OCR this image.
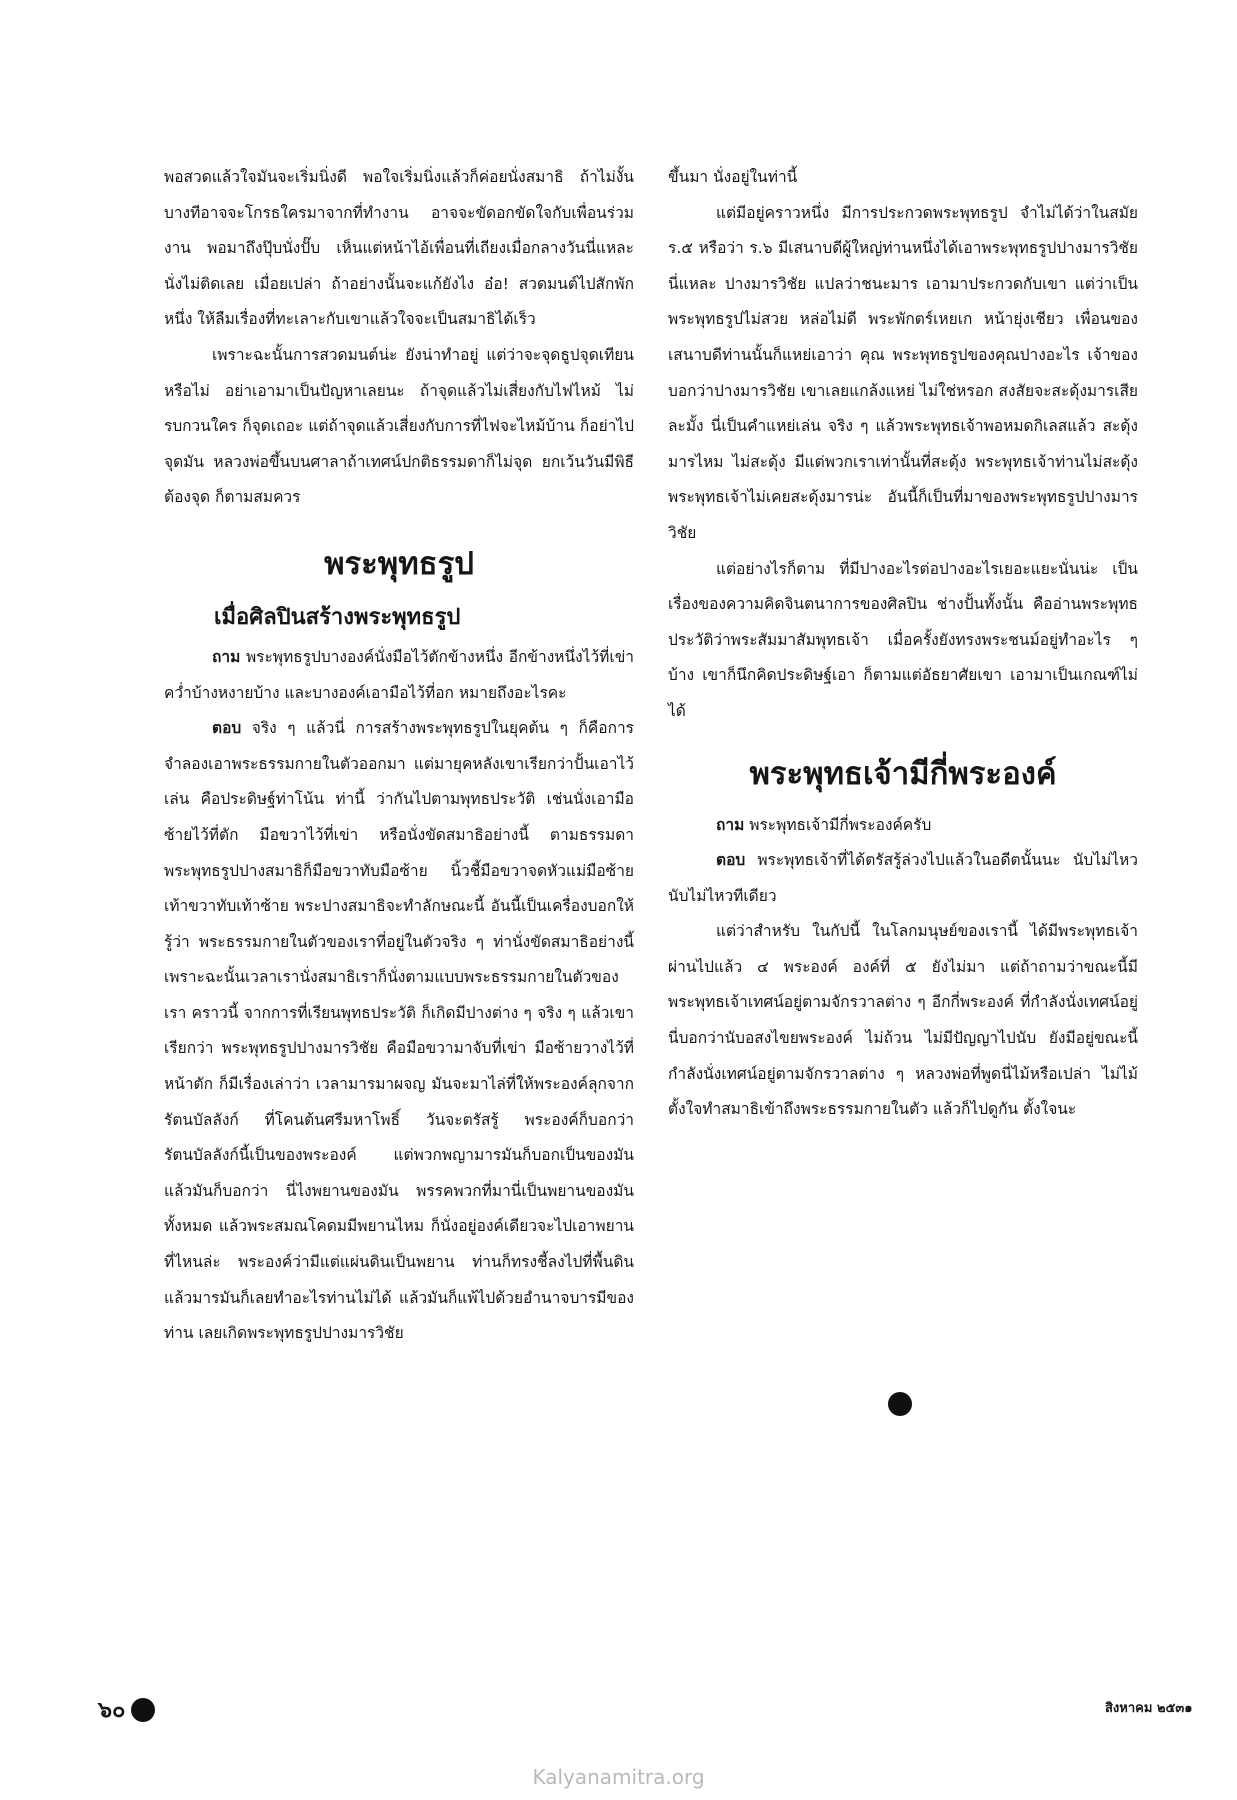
พอสวดแล้วใจมันจะเริ่มนิ่งดี พอใจเริ่มนิ่งแล้วก็ค่อยนั่งสมาธิ ถ้าไม่งั้นบางทีอาจจะโกรธใครมาจากที่ทำงาน อาจจะขัดอกขัดใจกับเพื่อนร่วมงาน พอมาถึงปุ๊บนั่งปั๊บ เห็นแต่หน้าไอ้เพื่อนที่เถียงเมื่อกลางวันนี่แหละ นั่งไม่ติดเลย เมื่อยเปล่า ถ้าอย่างนั้นจะแก้ยังไง อ๋อ! สวดมนต์ไปสักพักหนึ่ง ให้ลืมเรื่องที่ทะเลาะกับเขาแล้วใจจะเป็นสมาธิได้เร็ว

เพราะฉะนั้นการสวดมนต์น่ะ ยังน่าทำอยู่ แต่ว่าจะจุดธูปจุดเทียนหรือไม่ อย่าเอามาเป็นปัญหาเลยนะ ถ้าจุดแล้วไม่เสี่ยงกับไฟไหม้ ไม่รบกวนใคร ก็จุดเถอะ แต่ถ้าจุดแล้วเสี่ยงกับการที่ไฟจะไหม้บ้าน ก็อย่าไปจุดมัน หลวงพ่อขึ้นบนศาลาถ้าเทศน์ปกติธรรมดาก็ไม่จุด ยกเว้นวันมีพิธีต้องจุด ก็ตามสมควร

พระพุทธรูป
เมื่อศิลปินสร้างพระพุทธรูป

ถาม พระพุทธรูปบางองค์นั่งมือไว้ตักข้างหนึ่ง อีกข้างหนึ่งไว้ที่เข่า คว่ำบ้างหงายบ้าง และบางองค์เอามือไว้ที่อก หมายถึงอะไรคะ

ตอบ จริง ๆ แล้วนี่ การสร้างพระพุทธรูปในยุคต้น ๆ ก็คือการจำลองเอาพระธรรมกายในตัวออกมา แต่มายุคหลังเขาเรียกว่าปั้นเอาไว้เล่น คือประดิษฐ์ท่าโน้น ท่านี้ ว่ากันไปตามพุทธประวัติ เช่นนั่งเอามือซ้ายไว้ที่ตัก มือขวาไว้ที่เข่า หรือนั่งขัดสมาธิอย่างนี้ ตามธรรมดา พระพุทธรูปปางสมาธิก็มือขวาทับมือซ้าย นิ้วชี้มือขวาจดหัวแม่มือซ้าย เท้าขวาทับเท้าซ้าย พระปางสมาธิจะทำลักษณะนี้ อันนี้เป็นเครื่องบอกให้รู้ว่า พระธรรมกายในตัวของเราที่อยู่ในตัวจริง ๆ ท่านั่งขัดสมาธิอย่างนี้ เพราะฉะนั้นเวลาเรานั่งสมาธิเราก็นั่งตามแบบพระธรรมกายในตัวของเรา คราวนี้ จากการที่เรียนพุทธประวัติ ก็เกิดมีปางต่าง ๆ จริง ๆ แล้วเขาเรียกว่า พระพุทธรูปปางมารวิชัย คือมือขวามาจับที่เข่า มือซ้ายวางไว้ที่หน้าตัก ก็มีเรื่องเล่าว่า เวลามารมาผจญ มันจะมาไล่ที่ให้พระองค์ลุกจากรัตนบัลลังก์ ที่โคนต้นศรีมหาโพธิ์ วันจะตรัสรู้ พระองค์ก็บอกว่ารัตนบัลลังก์นี้เป็นของพระองค์ แต่พวกพญามารมันก็บอกเป็นของมัน แล้วมันก็บอกว่า นี่ไงพยานของมัน พรรคพวกที่มานี่เป็นพยานของมันทั้งหมด แล้วพระสมณโคดมมีพยานไหม ก็นั่งอยู่องค์เดียวจะไปเอาพยานที่ไหนล่ะ พระองค์ว่ามีแต่แผ่นดินเป็นพยาน ท่านก็ทรงชี้ลงไปที่พื้นดินแล้วมารมันก็เลยทำอะไรท่านไม่ได้ แล้วมันก็แพ้ไปด้วยอำนาจบารมีของท่าน เลยเกิดพระพุทธรูปปางมารวิชัย

ขึ้นมา นั่งอยู่ในท่านี้

แต่มีอยู่คราวหนึ่ง มีการประกวดพระพุทธรูป จำไม่ได้ว่าในสมัย ร.๕ หรือว่า ร.๖ มีเสนาบดีผู้ใหญ่ท่านหนึ่งได้เอาพระพุทธรูปปางมารวิชัยนี่แหละ ปางมารวิชัย แปลว่าชนะมาร เอามาประกวดกับเขา แต่ว่าเป็นพระพุทธรูปไม่สวย หล่อไม่ดี พระพักตร์เหยเก หน้ายุ่งเชียว เพื่อนของเสนาบดีท่านนั้นก็แหย่เอาว่า คุณ พระพุทธรูปของคุณปางอะไร เจ้าของบอกว่าปางมารวิชัย เขาเลยแกล้งแหย่ ไม่ใช่หรอก สงสัยจะสะดุ้งมารเสียละมั้ง นี่เป็นคำแหย่เล่น จริง ๆ แล้วพระพุทธเจ้าพอหมดกิเลสแล้ว สะดุ้งมารไหม ไม่สะดุ้ง มีแต่พวกเราเท่านั้นที่สะดุ้ง พระพุทธเจ้าท่านไม่สะดุ้ง พระพุทธเจ้าไม่เคยสะดุ้งมารน่ะ อันนี้ก็เป็นที่มาของพระพุทธรูปปางมารวิชัย

แต่อย่างไรก็ตาม ที่มีปางอะไรต่อปางอะไรเยอะแยะนั่นน่ะ เป็นเรื่องของความคิดจินตนาการของศิลปิน ช่างปั้นทั้งนั้น คืออ่านพระพุทธประวัติว่าพระสัมมาสัมพุทธเจ้า เมื่อครั้งยังทรงพระชนม์อยู่ทำอะไร ๆ บ้าง เขาก็นึกคิดประดิษฐ์เอา ก็ตามแต่อัธยาศัยเขา เอามาเป็นเกณฑ์ไม่ได้

พระพุทธเจ้ามีกี่พระองค์

ถาม พระพุทธเจ้ามีกี่พระองค์ครับ

ตอบ พระพุทธเจ้าที่ได้ตรัสรู้ล่วงไปแล้วในอดีตนั้นนะ นับไม่ไหว นับไม่ไหวทีเดียว

แต่ว่าสำหรับ ในกัปนี้ ในโลกมนุษย์ของเรานี้ ได้มีพระพุทธเจ้าผ่านไปแล้ว ๔ พระองค์ องค์ที่ ๕ ยังไม่มา แต่ถ้าถามว่าขณะนี้มีพระพุทธเจ้าเทศน์อยู่ตามจักรวาลต่าง ๆ อีกกี่พระองค์ ที่กำลังนั่งเทศน์อยู่นี่บอกว่านับอสงไขยพระองค์ ไม่ถ้วน ไม่มีปัญญาไปนับ ยังมีอยู่ขณะนี้กำลังนั่งเทศน์อยู่ตามจักรวาลต่าง ๆ หลวงพ่อที่พูดนี่ไม้หรือเปล่า ไม่ไม้ ตั้งใจทำสมาธิเข้าถึงพระธรรมกายในตัว แล้วก็ไปดูกัน ตั้งใจนะ

๖๐	สิงหาคม ๒๕๓๑
Kalyanamitra.org
